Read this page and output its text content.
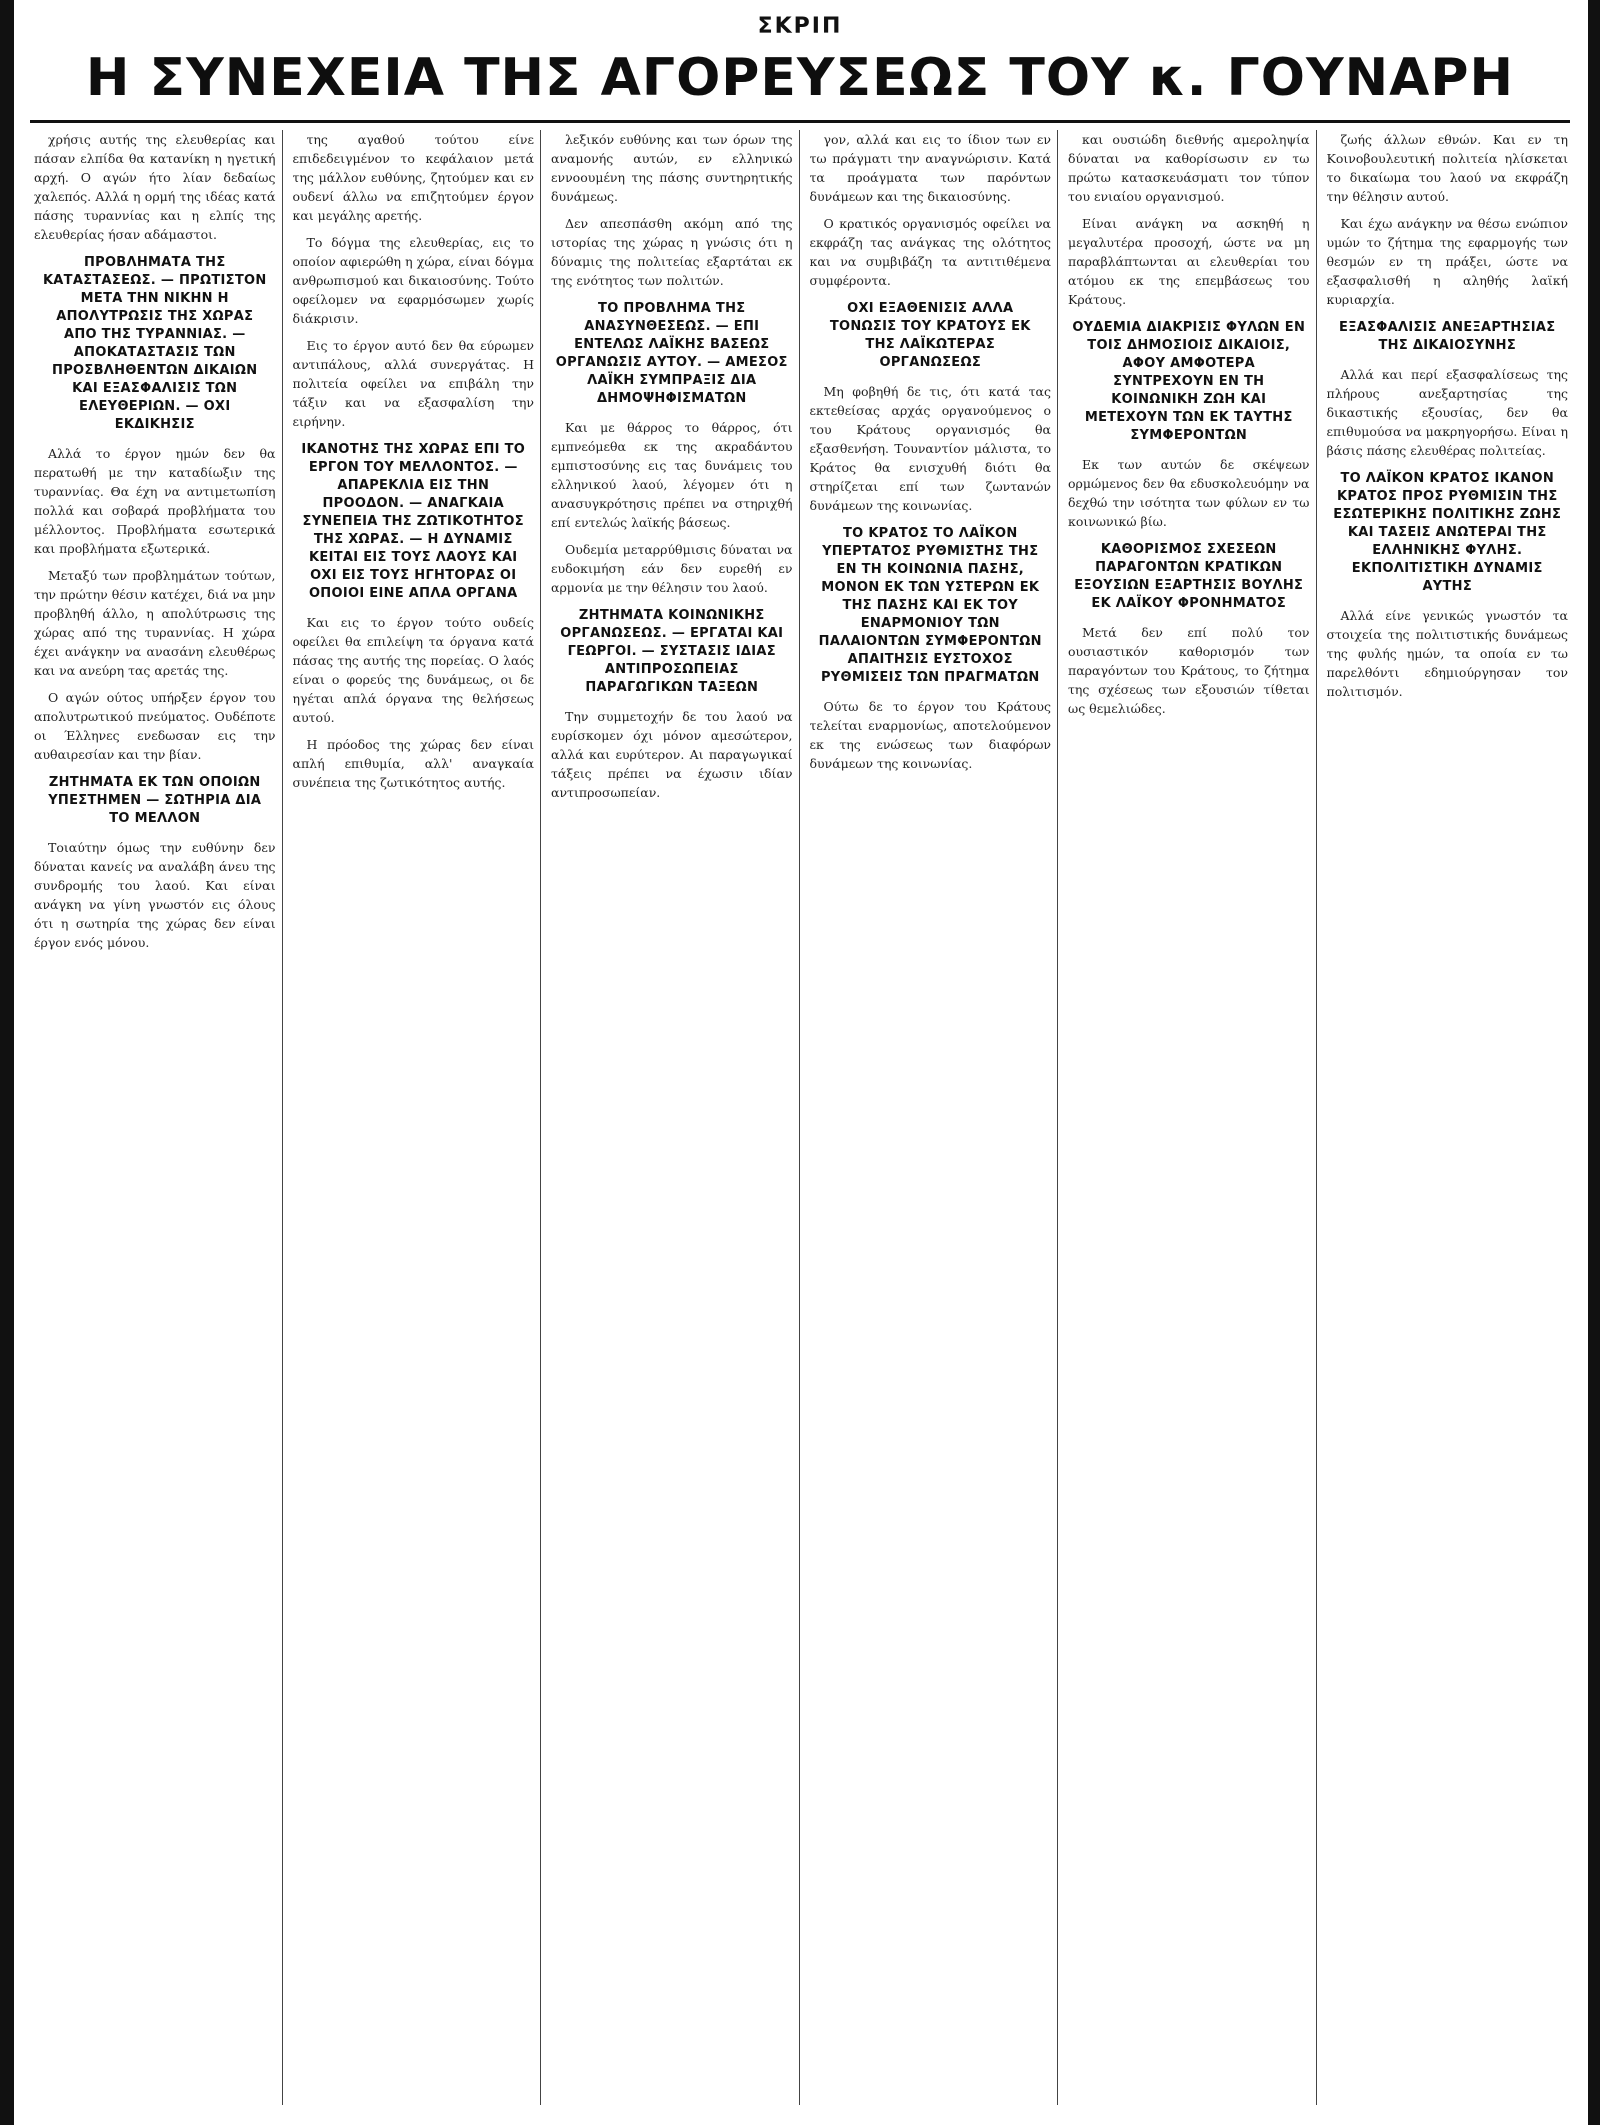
ΣΚΡΙΠ
Η ΣΥΝΕΧΕΙΑ ΤΗΣ ΑΓΟΡΕΥΣΕΩΣ ΤΟΥ κ. ΓΟΥΝΑΡΗ
χρήσις αυτής της ελευθερίας και πάσαν ελπίδα θα κατανίκη η ηγετική αρχή. Ο αγών ήτο λίαν δεδαίως χαλεπός. Αλλά η ορμή της ιδέας κατά πάσης τυραννίας και η ελπίς της ελευθερίας ήσαν αδάμαστοι.
ΠΡΟΒΛΗΜΑΤΑ ΤΗΣ ΚΑΤΑΣΤΑΣΕΩΣ. — ΠΡΩΤΙΣΤΟΝ ΜΕΤΑ ΤΗΝ ΝΙΚΗΝ Η ΑΠΟΛΥΤΡΩΣΙΣ ΤΗΣ ΧΩΡΑΣ ΑΠΟ ΤΗΣ ΤΥΡΑΝΝΙΑΣ. — ΑΠΟΚΑΤΑΣΤΑΣΙΣ ΤΩΝ ΠΡΟΣΒΛΗΘΕΝΤΩΝ ΔΙΚΑΙΩΝ ΚΑΙ ΕΞΑΣΦΑΛΙΣΙΣ ΤΩΝ ΕΛΕΥΘΕΡΙΩΝ. — ΟΧΙ ΕΚΔΙΚΗΣΙΣ
Αλλά το έργον ημών δεν θα περατωθή με την καταδίωξιν της τυραννίας. Θα έχη να αντιμετωπίση πολλά και σοβαρά προβλήματα του μέλλοντος. Προβλήματα εσωτερικά και προβλήματα εξωτερικά.
Μεταξύ των προβλημάτων τούτων, την πρώτην θέσιν κατέχει, διά να μην προβληθή άλλο, η απολύτρωσις της χώρας από της τυραννίας. Η χώρα έχει ανάγκην να ανασάνη ελευθέρως και να ανεύρη τας αρετάς της.
Ο αγών ούτος υπήρξεν έργον του απολυτρωτικού πνεύματος. Ουδέποτε οι Έλληνες ενεδωσαν εις την αυθαιρεσίαν και την βίαν.
ΖΗΤΗΜΑΤΑ ΕΚ ΤΩΝ ΟΠΟΙΩΝ ΥΠΕΣΤΗΜΕΝ — ΣΩΤΗΡΙΑ ΔΙΑ ΤΟ ΜΕΛΛΟΝ
Τοιαύτην όμως την ευθύνην δεν δύναται κανείς να αναλάβη άνευ της συνδρομής του λαού. Και είναι ανάγκη να γίνη γνωστόν εις όλους ότι η σωτηρία της χώρας δεν είναι έργον ενός μόνου.
της αγαθού τούτου είνε επιδεδειγμένον το κεφάλαιον μετά της μάλλον ευθύνης, ζητούμεν και εν ουδενί άλλω να επιζητούμεν έργον και μεγάλης αρετής.
Το δόγμα της ελευθερίας, εις το οποίον αφιερώθη η χώρα, είναι δόγμα ανθρωπισμού και δικαιοσύνης. Τούτο οφείλομεν να εφαρμόσωμεν χωρίς διάκρισιν.
Εις το έργον αυτό δεν θα εύρωμεν αντιπάλους, αλλά συνεργάτας. Η πολιτεία οφείλει να επιβάλη την τάξιν και να εξασφαλίση την ειρήνην.
ΙΚΑΝΟΤΗΣ ΤΗΣ ΧΩΡΑΣ ΕΠΙ ΤΟ ΕΡΓΟΝ ΤΟΥ ΜΕΛΛΟΝΤΟΣ. — ΑΠΑΡΕΚΛΙΑ ΕΙΣ ΤΗΝ ΠΡΟΟΔΟΝ. — ΑΝΑΓΚΑΙΑ ΣΥΝΕΠΕΙΑ ΤΗΣ ΖΩΤΙΚΟΤΗΤΟΣ ΤΗΣ ΧΩΡΑΣ. — Η ΔΥΝΑΜΙΣ ΚΕΙΤΑΙ ΕΙΣ ΤΟΥΣ ΛΑΟΥΣ ΚΑΙ ΟΧΙ ΕΙΣ ΤΟΥΣ ΗΓΗΤΟΡΑΣ ΟΙ ΟΠΟΙΟΙ ΕΙΝΕ ΑΠΛΑ ΟΡΓΑΝΑ
Και εις το έργον τούτο ουδείς οφείλει θα επιλείψη τα όργανα κατά πάσας της αυτής της πορείας. Ο λαός είναι ο φορεύς της δυνάμεως, οι δε ηγέται απλά όργανα της θελήσεως αυτού.
Η πρόοδος της χώρας δεν είναι απλή επιθυμία, αλλ' αναγκαία συνέπεια της ζωτικότητος αυτής.
λεξικόν ευθύνης και των όρων της αναμονής αυτών, εν ελληνικώ εννοουμένη της πάσης συντηρητικής δυνάμεως.
Δεν απεσπάσθη ακόμη από της ιστορίας της χώρας η γνώσις ότι η δύναμις της πολιτείας εξαρτάται εκ της ενότητος των πολιτών.
ΤΟ ΠΡΟΒΛΗΜΑ ΤΗΣ ΑΝΑΣΥΝΘΕΣΕΩΣ. — ΕΠΙ ΕΝΤΕΛΩΣ ΛΑΪΚΗΣ ΒΑΣΕΩΣ ΟΡΓΑΝΩΣΙΣ ΑΥΤΟΥ. — ΑΜΕΣΟΣ ΛΑΪΚΗ ΣΥΜΠΡΑΞΙΣ ΔΙΑ ΔΗΜΟΨΗΦΙΣΜΑΤΩΝ
Και με θάρρος το θάρρος, ότι εμπνεόμεθα εκ της ακραδάντου εμπιστοσύνης εις τας δυνάμεις του ελληνικού λαού, λέγομεν ότι η ανασυγκρότησις πρέπει να στηριχθή επί εντελώς λαϊκής βάσεως.
Ουδεμία μεταρρύθμισις δύναται να ευδοκιμήση εάν δεν ευρεθή εν αρμονία με την θέλησιν του λαού.
ΖΗΤΗΜΑΤΑ ΚΟΙΝΩΝΙΚΗΣ ΟΡΓΑΝΩΣΕΩΣ. — ΕΡΓΑΤΑΙ ΚΑΙ ΓΕΩΡΓΟΙ. — ΣΥΣΤΑΣΙΣ ΙΔΙΑΣ ΑΝΤΙΠΡΟΣΩΠΕΙΑΣ ΠΑΡΑΓΩΓΙΚΩΝ ΤΑΞΕΩΝ
Την συμμετοχήν δε του λαού να ευρίσκομεν όχι μόνον αμεσώτερον, αλλά και ευρύτερον. Αι παραγωγικαί τάξεις πρέπει να έχωσιν ιδίαν αντιπροσωπείαν.
γον, αλλά και εις το ίδιον των εν τω πράγματι την αναγνώρισιν. Κατά τα προάγματα των παρόντων δυνάμεων και της δικαιοσύνης.
Ο κρατικός οργανισμός οφείλει να εκφράζη τας ανάγκας της ολότητος και να συμβιβάζη τα αντιτιθέμενα συμφέροντα.
ΟΧΙ ΕΞΑΘΕΝΙΣΙΣ ΑΛΛΑ ΤΟΝΩΣΙΣ ΤΟΥ ΚΡΑΤΟΥΣ ΕΚ ΤΗΣ ΛΑΪΚΩΤΕΡΑΣ ΟΡΓΑΝΩΣΕΩΣ
Μη φοβηθή δε τις, ότι κατά τας εκτεθείσας αρχάς οργανούμενος ο του Κράτους οργανισμός θα εξασθενήση. Τουναντίον μάλιστα, το Κράτος θα ενισχυθή διότι θα στηρίζεται επί των ζωντανών δυνάμεων της κοινωνίας.
ΤΟ ΚΡΑΤΟΣ ΤΟ ΛΑΪΚΟΝ ΥΠΕΡΤΑΤΟΣ ΡΥΘΜΙΣΤΗΣ ΤΗΣ ΕΝ ΤΗ ΚΟΙΝΩΝΙΑ ΠΑΣΗΣ, ΜΟΝΟΝ ΕΚ ΤΩΝ ΥΣΤΕΡΩΝ ΕΚ ΤΗΣ ΠΑΣΗΣ ΚΑΙ ΕΚ ΤΟΥ ΕΝΑΡΜΟΝΙΟΥ ΤΩΝ ΠΑΛΑΙΟΝΤΩΝ ΣΥΜΦΕΡΟΝΤΩΝ ΑΠΑΙΤΗΣΙΣ ΕΥΣΤΟΧΟΣ ΡΥΘΜΙΣΕΙΣ ΤΩΝ ΠΡΑΓΜΑΤΩΝ
Ούτω δε το έργον του Κράτους τελείται εναρμονίως, αποτελούμενον εκ της ενώσεως των διαφόρων δυνάμεων της κοινωνίας.
και ουσιώδη διεθνής αμεροληψία δύναται να καθορίσωσιν εν τω πρώτω κατασκευάσματι τον τύπον του ενιαίου οργανισμού.
Είναι ανάγκη να ασκηθή η μεγαλυτέρα προσοχή, ώστε να μη παραβλάπτωνται αι ελευθερίαι του ατόμου εκ της επεμβάσεως του Κράτους.
ΟΥΔΕΜΙΑ ΔΙΑΚΡΙΣΙΣ ΦΥΛΩΝ ΕΝ ΤΟΙΣ ΔΗΜΟΣΙΟΙΣ ΔΙΚΑΙΟΙΣ, ΑΦΟΥ ΑΜΦΟΤΕΡΑ ΣΥΝΤΡΕΧΟΥΝ ΕΝ ΤΗ ΚΟΙΝΩΝΙΚΗ ΖΩΗ ΚΑΙ ΜΕΤΕΧΟΥΝ ΤΩΝ ΕΚ ΤΑΥΤΗΣ ΣΥΜΦΕΡΟΝΤΩΝ
Εκ των αυτών δε σκέψεων ορμώμενος δεν θα εδυσκολευόμην να δεχθώ την ισότητα των φύλων εν τω κοινωνικώ βίω.
ΚΑΘΟΡΙΣΜΟΣ ΣΧΕΣΕΩΝ ΠΑΡΑΓΟΝΤΩΝ ΚΡΑΤΙΚΩΝ ΕΞΟΥΣΙΩΝ ΕΞΑΡΤΗΣΙΣ ΒΟΥΛΗΣ ΕΚ ΛΑΪΚΟΥ ΦΡΟΝΗΜΑΤΟΣ
Μετά δεν επί πολύ τον ουσιαστικόν καθορισμόν των παραγόντων του Κράτους, το ζήτημα της σχέσεως των εξουσιών τίθεται ως θεμελιώδες.
ζωής άλλων εθνών. Και εν τη Κοινοβουλευτική πολιτεία ηλίσκεται το δικαίωμα του λαού να εκφράζη την θέλησιν αυτού.
Και έχω ανάγκην να θέσω ενώπιον υμών το ζήτημα της εφαρμογής των θεσμών εν τη πράξει, ώστε να εξασφαλισθή η αληθής λαϊκή κυριαρχία.
ΕΞΑΣΦΑΛΙΣΙΣ ΑΝΕΞΑΡΤΗΣΙΑΣ ΤΗΣ ΔΙΚΑΙΟΣΥΝΗΣ
Αλλά και περί εξασφαλίσεως της πλήρους ανεξαρτησίας της δικαστικής εξουσίας, δεν θα επιθυμούσα να μακρηγορήσω. Είναι η βάσις πάσης ελευθέρας πολιτείας.
ΤΟ ΛΑΪΚΟΝ ΚΡΑΤΟΣ ΙΚΑΝΟΝ ΚΡΑΤΟΣ ΠΡΟΣ ΡΥΘΜΙΣΙΝ ΤΗΣ ΕΣΩΤΕΡΙΚΗΣ ΠΟΛΙΤΙΚΗΣ ΖΩΗΣ ΚΑΙ ΤΑΣΕΙΣ ΑΝΩΤΕΡΑΙ ΤΗΣ ΕΛΛΗΝΙΚΗΣ ΦΥΛΗΣ. ΕΚΠΟΛΙΤΙΣΤΙΚΗ ΔΥΝΑΜΙΣ ΑΥΤΗΣ
Αλλά είνε γενικώς γνωστόν τα στοιχεία της πολιτιστικής δυνάμεως της φυλής ημών, τα οποία εν τω παρελθόντι εδημιούργησαν τον πολιτισμόν.
